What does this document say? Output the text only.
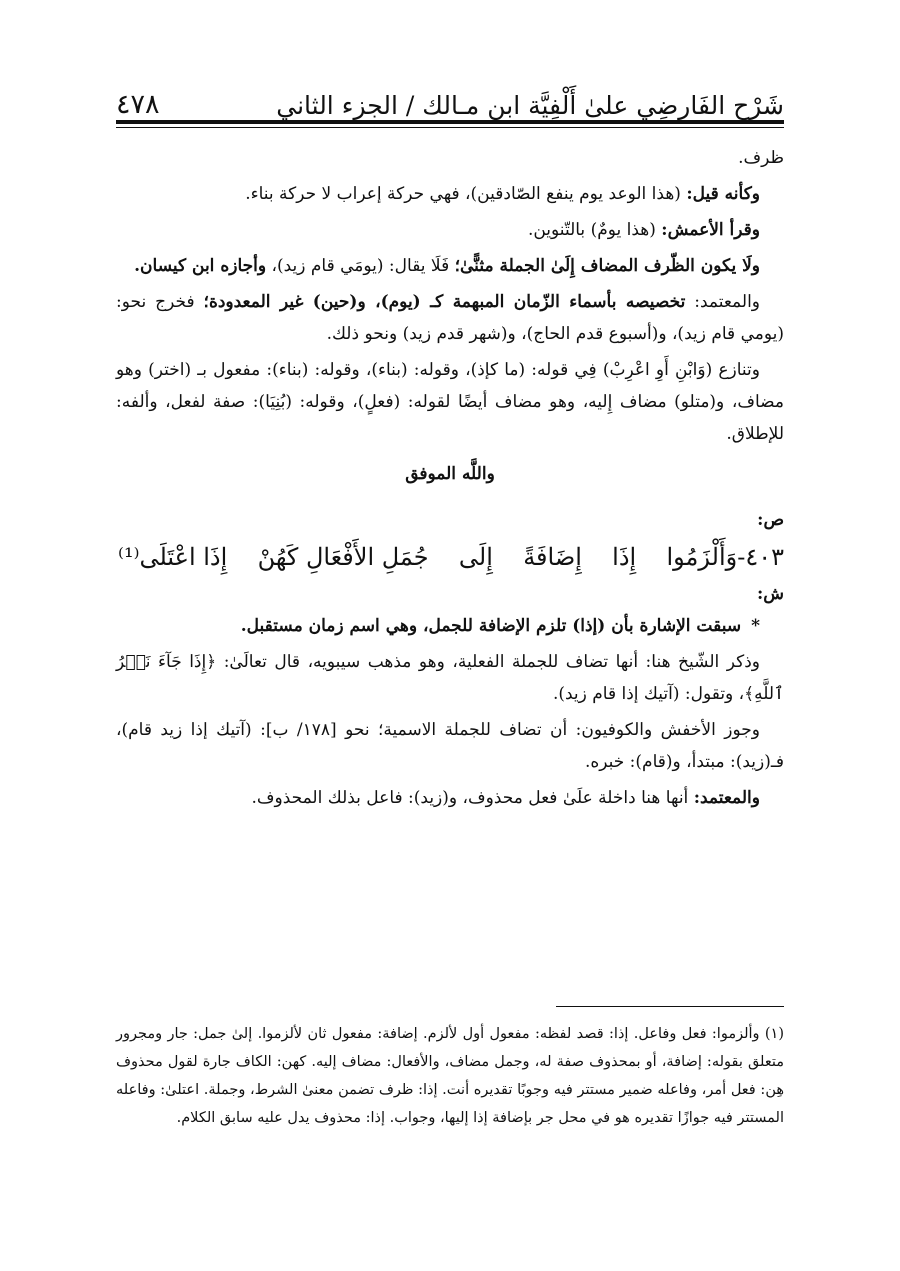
شَرْح الفَارِضِي علىٰ أَلْفِيَّة ابن مـالك / الجزء الثاني
٤٧٨

ظرف.

وكأنه قيل: (هذا الوعد يوم ينفع الصّادقين)، فهي حركة إعراب لا حركة بناء.

وقرأ الأعمش: (هذا يومٌ) بالتّنوين.

ولَا يكون الظّرف المضاف إِلَىٰ الجملة مثنًّىٰ؛ فَلَا يقال: (يومَي قام زيد)، وأجازه ابن كيسان.

والمعتمد: تخصيصه بأسماء الزّمان المبهمة كـ (يوم)، و(حين) غير المعدودة؛ فخرج نحو: (يومي قام زيد)، و(أسبوع قدم الحاج)، و(شهر قدم زيد) ونحو ذلك.

وتنازع (وَابْنِ أَوِ اعْرِبْ) فِي قوله: (ما كإذ)، وقوله: (بناء)، وقوله: (بناء): مفعول بـ (اختر) وهو مضاف، و(متلو) مضاف إِليه، وهو مضاف أيضًا لقوله: (فعلٍ)، وقوله: (بُنِيَا): صفة لفعل، وألفه: للإطلاق.

واللَّه الموفق

ص:

٤٠٣-وَأَلْزَمُوا
إِذَا
إِضَافَةً
إِلَى
جُمَلِ الأَفْعَالِ كَهُنْ
إِذَا اعْتَلَى⁽¹⁾

ش:

*سبقت الإشارة بأن (إذا) تلزم الإضافة للجمل، وهي اسم زمان مستقبل.

وذكر الشّيخ هنا: أنها تضاف للجملة الفعلية، وهو مذهب سيبويه، قال تعالَىٰ: ﴿إِذَا جَآءَ نَصۡرُ ٱللَّهِ﴾، وتقول: (آتيك إذا قام زيد).

وجوز الأخفش والكوفيون: أن تضاف للجملة الاسمية؛ نحو [١٧٨/ ب]: (آتيك إذا زيد قام)، فـ(زيد): مبتدأ، و(قام): خبره.

والمعتمد: أنها هنا داخلة علَىٰ فعل محذوف، و(زيد): فاعل بذلك المحذوف.

(١) وألزموا: فعل وفاعل. إذا: قصد لفظه: مفعول أول لألزم. إضافة: مفعول ثان لألزموا. إلىٰ جمل: جار ومجرور متعلق بقوله: إضافة، أو بمحذوف صفة له، وجمل مضاف، والأفعال: مضاف إليه. كهن: الكاف جارة لقول محذوف هِن: فعل أمر، وفاعله ضمير مستتر فيه وجوبًا تقديره أنت. إذا: ظرف تضمن معنىٰ الشرط، وجملة. اعتلىٰ: وفاعله المستتر فيه جوازًا تقديره هو في محل جر بإضافة إذا إليها، وجواب. إذا: محذوف يدل عليه سابق الكلام.
